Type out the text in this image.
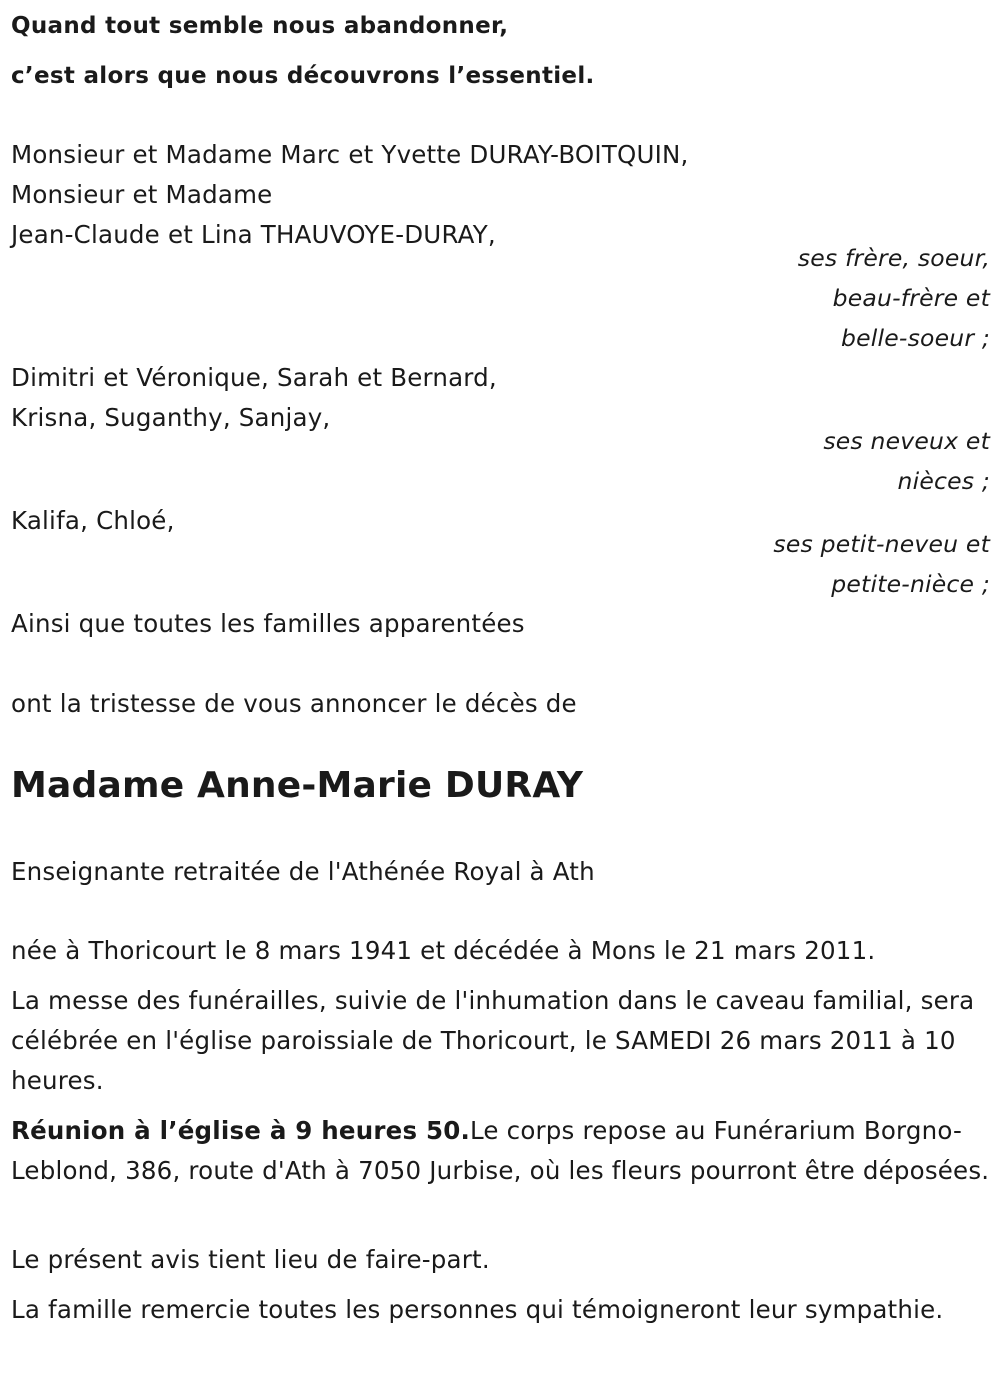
Quand tout semble nous abandonner,
c’est alors que nous découvrons l’essentiel.
Monsieur et Madame Marc et Yvette DURAY-BOITQUIN,
Monsieur et Madame
Jean-Claude et Lina THAUVOYE-DURAY,
ses frère, soeur,
beau-frère et
belle-soeur ;
Dimitri et Véronique, Sarah et Bernard,
Krisna, Suganthy, Sanjay,
ses neveux et
nièces ;
Kalifa, Chloé,
ses petit-neveu et
petite-nièce ;
Ainsi que toutes les familles apparentées
ont la tristesse de vous annoncer le décès de
Madame Anne-Marie DURAY
Enseignante retraitée de l'Athénée Royal à Ath
née à Thoricourt le 8 mars 1941 et décédée à Mons le 21 mars 2011.
La messe des funérailles, suivie de l'inhumation dans le caveau familial, sera célébrée en l'église paroissiale de Thoricourt, le SAMEDI 26 mars 2011 à 10 heures.
Réunion à l’église à 9 heures 50.Le corps repose au Funérarium Borgno-Leblond, 386, route d'Ath à 7050 Jurbise, où les fleurs pourront être déposées.
Le présent avis tient lieu de faire-part.
La famille remercie toutes les personnes qui témoigneront leur sympathie.
